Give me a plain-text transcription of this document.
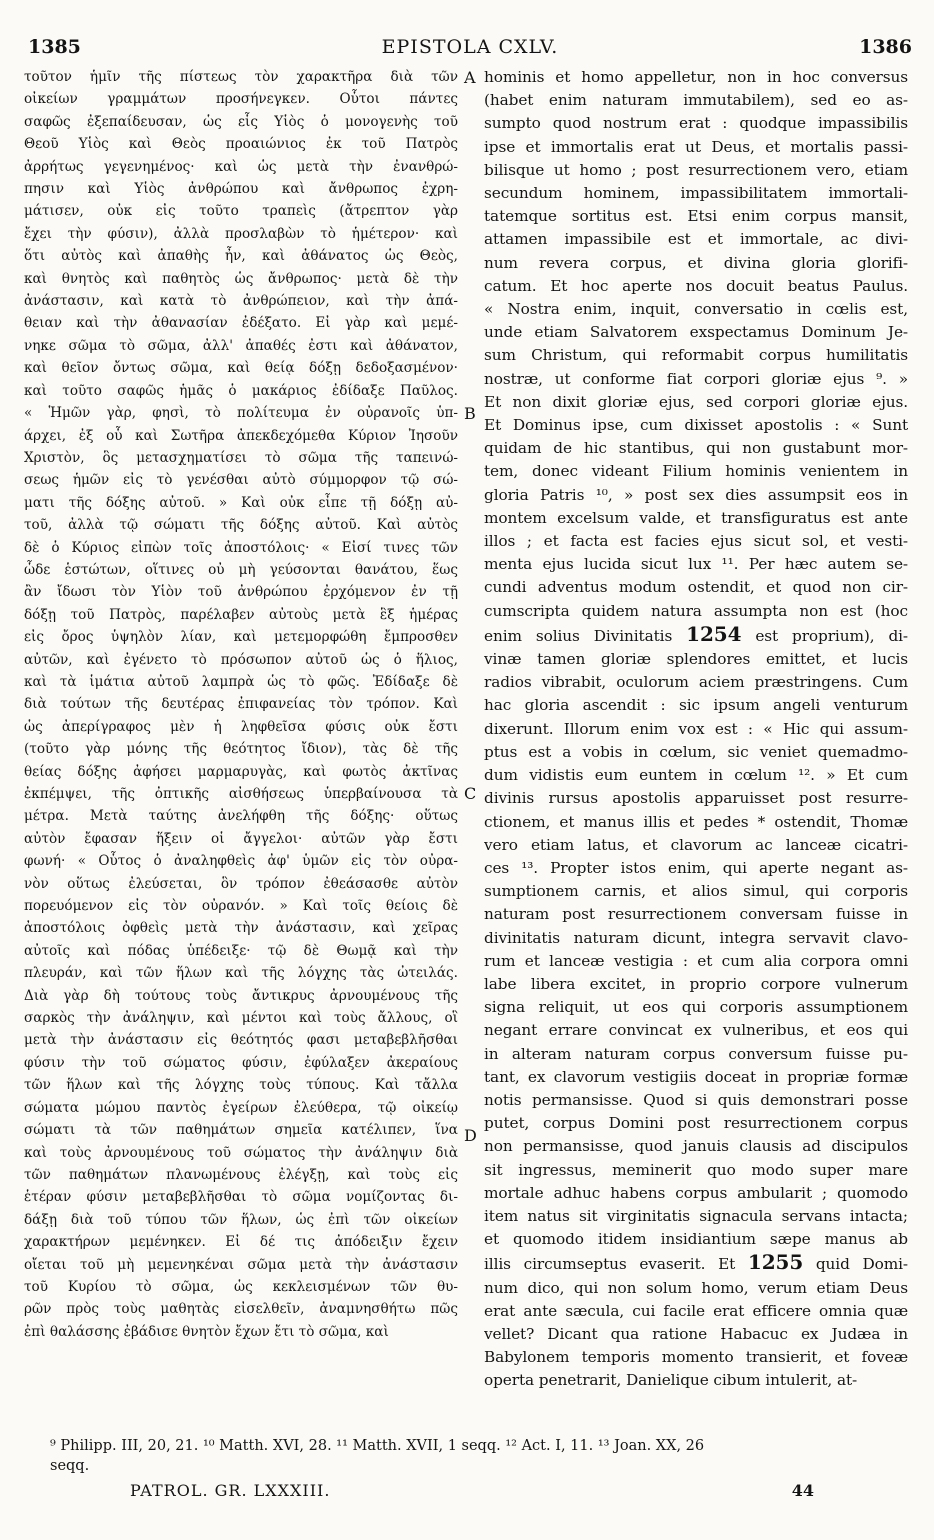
1385	EPISTOLA CXLV.	1386

τοῦτον ἡμῖν τῆς πίστεως τὸν χαρακτῆρα διὰ τῶν

οἰκείων γραμμάτων προσήνεγκεν. Οὗτοι πάντες

σαφῶς ἐξεπαίδευσαν, ὡς εἷς Υἱὸς ὁ μονογενὴς τοῦ

Θεοῦ Υἱὸς καὶ Θεὸς προαιώνιος ἐκ τοῦ Πατρὸς

ἀρρήτως γεγενημένος· καὶ ὡς μετὰ τὴν ἐνανθρώ-

πησιν καὶ Υἱὸς ἀνθρώπου καὶ ἄνθρωπος ἐχρη-

μάτισεν, οὐκ εἰς τοῦτο τραπεὶς (ἄτρεπτον γὰρ

ἔχει τὴν φύσιν), ἀλλὰ προσλαβὼν τὸ ἡμέτερον· καὶ

ὅτι αὐτὸς καὶ ἀπαθὴς ἦν, καὶ ἀθάνατος ὡς Θεὸς,

καὶ θνητὸς καὶ παθητὸς ὡς ἄνθρωπος· μετὰ δὲ τὴν

ἀνάστασιν, καὶ κατὰ τὸ ἀνθρώπειον, καὶ τὴν ἀπά-

θειαν καὶ τὴν ἀθανασίαν ἐδέξατο. Εἰ γὰρ καὶ μεμέ-

νηκε σῶμα τὸ σῶμα, ἀλλ' ἀπαθές ἐστι καὶ ἀθάνατον,

καὶ θεῖον ὄντως σῶμα, καὶ θείᾳ δόξῃ δεδοξασμένον·

καὶ τοῦτο σαφῶς ἡμᾶς ὁ μακάριος ἐδίδαξε Παῦλος.

« Ἡμῶν γὰρ, φησὶ, τὸ πολίτευμα ἐν οὐρανοῖς ὑπ-

άρχει, ἐξ οὗ καὶ Σωτῆρα ἀπεκδεχόμεθα Κύριον Ἰησοῦν

Χριστὸν, ὃς μετασχηματίσει τὸ σῶμα τῆς ταπεινώ-

σεως ἡμῶν εἰς τὸ γενέσθαι αὐτὸ σύμμορφον τῷ σώ-

ματι τῆς δόξης αὐτοῦ. » Καὶ οὐκ εἶπε τῇ δόξῃ αὐ-

τοῦ, ἀλλὰ τῷ σώματι τῆς δόξης αὐτοῦ. Καὶ αὐτὸς

δὲ ὁ Κύριος εἰπὼν τοῖς ἀποστόλοις· « Εἰσί τινες τῶν

ὧδε ἑστώτων, οἵτινες οὐ μὴ γεύσονται θανάτου, ἕως

ἂν ἴδωσι τὸν Υἱὸν τοῦ ἀνθρώπου ἐρχόμενον ἐν τῇ

δόξῃ τοῦ Πατρὸς, παρέλαβεν αὐτοὺς μετὰ ἓξ ἡμέρας

εἰς ὄρος ὑψηλὸν λίαν, καὶ μετεμορφώθη ἔμπροσθεν

αὐτῶν, καὶ ἐγένετο τὸ πρόσωπον αὐτοῦ ὡς ὁ ἥλιος,

καὶ τὰ ἱμάτια αὐτοῦ λαμπρὰ ὡς τὸ φῶς. Ἐδίδαξε δὲ

διὰ τούτων τῆς δευτέρας ἐπιφανείας τὸν τρόπον. Καὶ

ὡς ἀπερίγραφος μὲν ἡ ληφθεῖσα φύσις οὐκ ἔστι

(τοῦτο γὰρ μόνης τῆς θεότητος ἴδιον), τὰς δὲ τῆς

θείας δόξης ἀφήσει μαρμαρυγὰς, καὶ φωτὸς ἀκτῖνας

ἐκπέμψει, τῆς ὀπτικῆς αἰσθήσεως ὑπερβαίνουσα τὰ

μέτρα. Μετὰ ταύτης ἀνελήφθη τῆς δόξης· οὕτως

αὐτὸν ἔφασαν ἥξειν οἱ ἄγγελοι· αὐτῶν γὰρ ἔστι

φωνή· « Οὗτος ὁ ἀναληφθεὶς ἀφ' ὑμῶν εἰς τὸν οὐρα-

νὸν οὕτως ἐλεύσεται, ὃν τρόπον ἐθεάσασθε αὐτὸν

πορευόμενον εἰς τὸν οὐρανόν. » Καὶ τοῖς θείοις δὲ

ἀποστόλοις ὀφθεὶς μετὰ τὴν ἀνάστασιν, καὶ χεῖρας

αὐτοῖς καὶ πόδας ὑπέδειξε· τῷ δὲ Θωμᾷ καὶ τὴν

πλευράν, καὶ τῶν ἥλων καὶ τῆς λόγχης τὰς ὠτειλάς.

Διὰ γὰρ δὴ τούτους τοὺς ἄντικρυς ἀρνουμένους τῆς

σαρκὸς τὴν ἀνάληψιν, καὶ μέντοι καὶ τοὺς ἄλλους, οἳ

μετὰ τὴν ἀνάστασιν εἰς θεότητός φασι μεταβεβλῆσθαι

φύσιν τὴν τοῦ σώματος φύσιν, ἐφύλαξεν ἀκεραίους

τῶν ἥλων καὶ τῆς λόγχης τοὺς τύπους. Καὶ τἄλλα

σώματα μώμου παντὸς ἐγείρων ἐλεύθερα, τῷ οἰκείῳ

σώματι τὰ τῶν παθημάτων σημεῖα κατέλιπεν, ἵνα

καὶ τοὺς ἀρνουμένους τοῦ σώματος τὴν ἀνάληψιν διὰ

τῶν παθημάτων πλανωμένους ἐλέγξῃ, καὶ τοὺς εἰς

ἑτέραν φύσιν μεταβεβλῆσθαι τὸ σῶμα νομίζοντας δι-

δάξῃ διὰ τοῦ τύπου τῶν ἥλων, ὡς ἐπὶ τῶν οἰκείων

χαρακτήρων μεμένηκεν. Εἰ δέ τις ἀπόδειξιν ἔχειν

οἴεται τοῦ μὴ μεμενηκέναι σῶμα μετὰ τὴν ἀνάστασιν

τοῦ Κυρίου τὸ σῶμα, ὡς κεκλεισμένων τῶν θυ-

ρῶν πρὸς τοὺς μαθητὰς εἰσελθεῖν, ἀναμνησθήτω πῶς

ἐπὶ θαλάσσης ἐβάδισε θνητὸν ἔχων ἔτι τὸ σῶμα, καὶ

A
B
C
D

hominis et homo appelletur, non in hoc conversus

(habet enim naturam immutabilem), sed eo as-

sumpto quod nostrum erat : quodque impassibilis

ipse et immortalis erat ut Deus, et mortalis passi-

bilisque ut homo ; post resurrectionem vero, etiam

secundum hominem, impassibilitatem immortali-

tatemque sortitus est. Etsi enim corpus mansit,

attamen impassibile est et immortale, ac divi-

num revera corpus, et divina gloria glorifi-

catum. Et hoc aperte nos docuit beatus Paulus.

« Nostra enim, inquit, conversatio in cœlis est,

unde etiam Salvatorem exspectamus Dominum Je-

sum Christum, qui reformabit corpus humilitatis

nostræ, ut conforme fiat corpori gloriæ ejus ⁹. »

Et non dixit gloriæ ejus, sed corpori gloriæ ejus.

Et Dominus ipse, cum dixisset apostolis : « Sunt

quidam de hic stantibus, qui non gustabunt mor-

tem, donec videant Filium hominis venientem in

gloria Patris ¹⁰, » post sex dies assumpsit eos in

montem excelsum valde, et transfiguratus est ante

illos ; et facta est facies ejus sicut sol, et vesti-

menta ejus lucida sicut lux ¹¹. Per hæc autem se-

cundi adventus modum ostendit, et quod non cir-

cumscripta quidem natura assumpta non est (hoc

enim solius Divinitatis 1254 est proprium), di-

vinæ tamen gloriæ splendores emittet, et lucis

radios vibrabit, oculorum aciem præstringens. Cum

hac gloria ascendit : sic ipsum angeli venturum

dixerunt. Illorum enim vox est : « Hic qui assum-

ptus est a vobis in cœlum, sic veniet quemadmo-

dum vidistis eum euntem in cœlum ¹². » Et cum

divinis rursus apostolis apparuisset post resurre-

ctionem, et manus illis et pedes * ostendit, Thomæ

vero etiam latus, et clavorum ac lanceæ cicatri-

ces ¹³. Propter istos enim, qui aperte negant as-

sumptionem carnis, et alios simul, qui corporis

naturam post resurrectionem conversam fuisse in

divinitatis naturam dicunt, integra servavit clavo-

rum et lanceæ vestigia : et cum alia corpora omni

labe libera excitet, in proprio corpore vulnerum

signa reliquit, ut eos qui corporis assumptionem

negant errare convincat ex vulneribus, et eos qui

in alteram naturam corpus conversum fuisse pu-

tant, ex clavorum vestigiis doceat in propriæ formæ

notis permansisse. Quod si quis demonstrari posse

putet, corpus Domini post resurrectionem corpus

non permansisse, quod januis clausis ad discipulos

sit ingressus, meminerit quo modo super mare

mortale adhuc habens corpus ambularit ; quomodo

item natus sit virginitatis signacula servans intacta;

et quomodo itidem insidiantium sæpe manus ab

illis circumseptus evaserit. Et 1255 quid Domi-

num dico, qui non solum homo, verum etiam Deus

erat ante sæcula, cui facile erat efficere omnia quæ

vellet? Dicant qua ratione Habacuc ex Judæa in

Babylonem temporis momento transierit, et foveæ

operta penetrarit, Danielique cibum intulerit, at-

⁹ Philipp. III, 20, 21. ¹⁰ Matth. XVI, 28. ¹¹ Matth. XVII, 1 seqq. ¹² Act. I, 11. ¹³ Joan. XX, 26
seqq.
PATROL. GR. LXXXIII.	44
